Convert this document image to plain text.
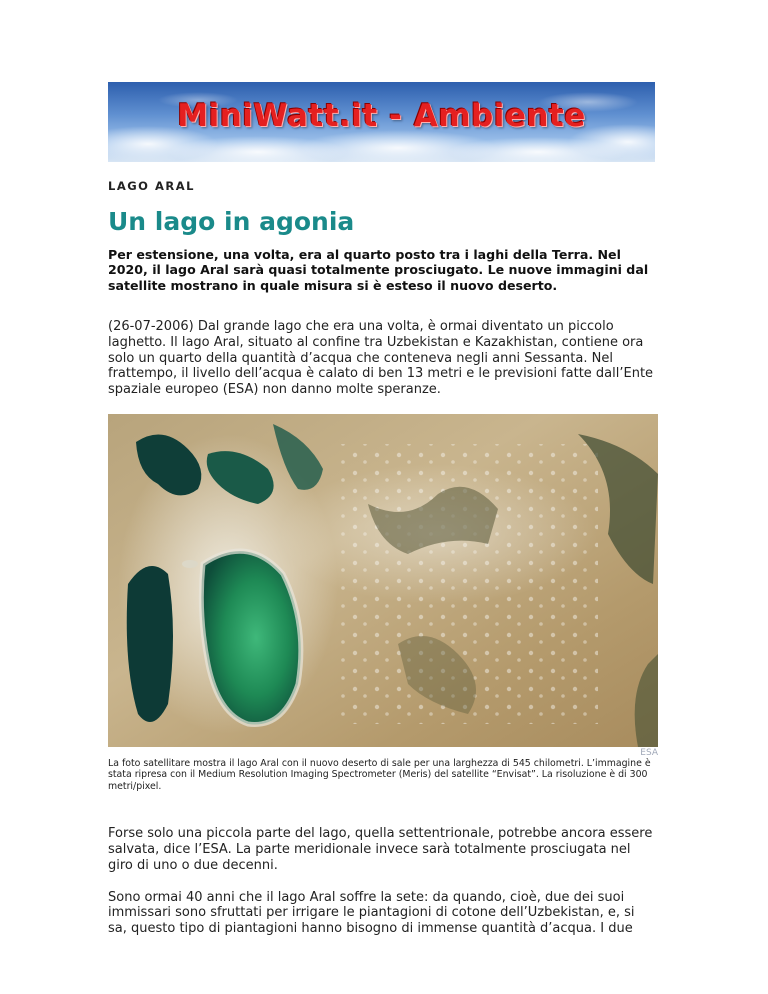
MiniWatt.it - Ambiente
LAGO ARAL
Un lago in agonia
Per estensione, una volta, era al quarto posto tra i laghi della Terra. Nel 2020, il lago Aral sarà quasi totalmente prosciugato. Le nuove immagini dal satellite mostrano in quale misura si è esteso il nuovo deserto.

(26-07-2006) Dal grande lago che era una volta, è ormai diventato un piccolo laghetto. Il lago Aral, situato al confine tra Uzbekistan e Kazakhistan, contiene ora solo un quarto della quantità d’acqua che conteneva negli anni Sessanta. Nel frattempo, il livello dell’acqua è calato di ben 13 metri e le previsioni fatte dall’Ente spaziale europeo (ESA) non danno molte speranze.

ESA
La foto satellitare mostra il lago Aral con il nuovo deserto di sale per una larghezza di 545 chilometri. L’immagine è stata ripresa con il Medium Resolution Imaging Spectrometer (Meris) del satellite “Envisat”. La risoluzione è di 300 metri/pixel.

Forse solo una piccola parte del lago, quella settentrionale, potrebbe ancora essere salvata, dice l’ESA. La parte meridionale invece sarà totalmente prosciugata nel giro di uno o due decenni.

Sono ormai 40 anni che il lago Aral soffre la sete: da quando, cioè, due dei suoi immissari sono sfruttati per irrigare le piantagioni di cotone dell’Uzbekistan, e, si sa, questo tipo di piantagioni hanno bisogno di immense quantità d’acqua. I due
